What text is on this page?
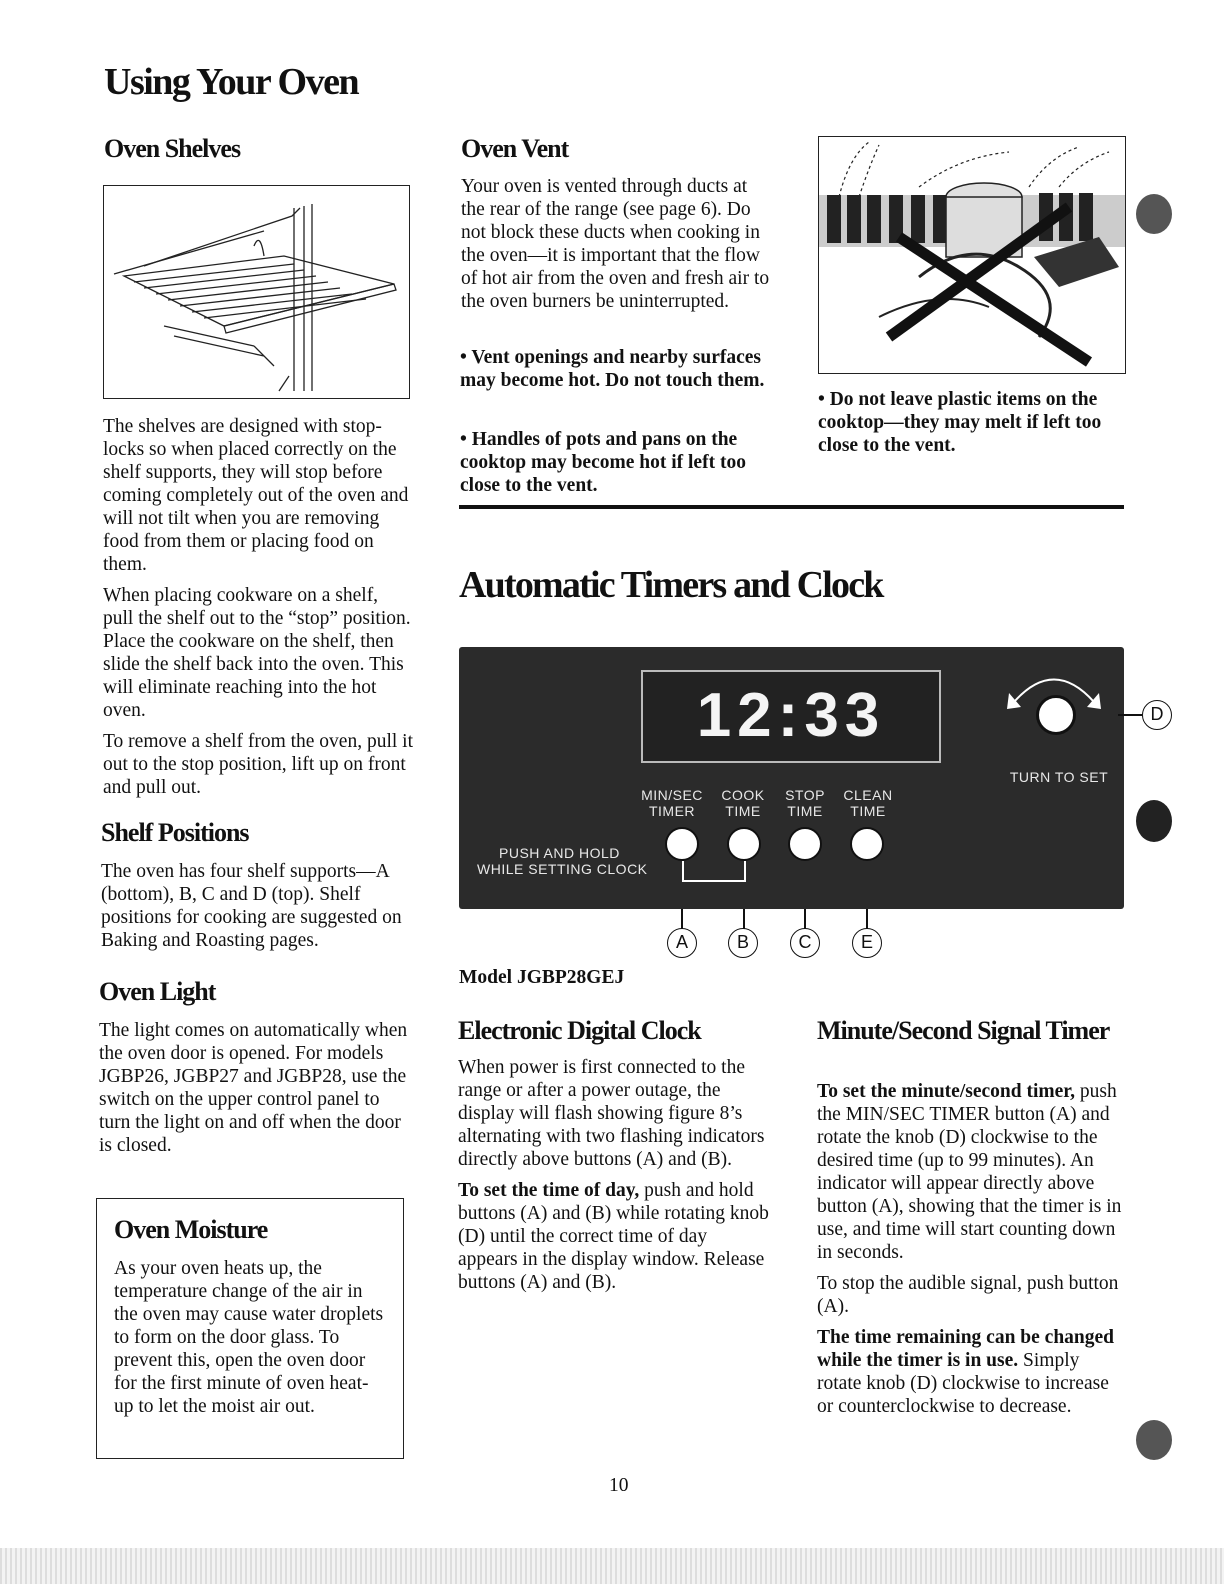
Using Your Oven
Oven Shelves

The shelves are designed with stop-locks so when placed correctly on the shelf supports, they will stop before coming completely out of the oven and will not tilt when you are removing food from them or placing food on them.

When placing cookware on a shelf, pull the shelf out to the “stop” position. Place the cookware on the shelf, then slide the shelf back into the oven. This will eliminate reaching into the hot oven.

To remove a shelf from the oven, pull it out to the stop position, lift up on front and pull out.

Shelf Positions

The oven has four shelf supports—A (bottom), B, C and D (top). Shelf positions for cooking are suggested on Baking and Roasting pages.

Oven Light

The light comes on automatically when the oven door is opened. For models JGBP26, JGBP27 and JGBP28, use the switch on the upper control panel to turn the light on and off when the door is closed.

Oven Moisture

As your oven heats up, the temperature change of the air in the oven may cause water droplets to form on the door glass. To prevent this, open the oven door for the first minute of oven heat-up to let the moist air out.

Oven Vent

Your oven is vented through ducts at the rear of the range (see page 6). Do not block these ducts when cooking in the oven—it is important that the flow of hot air from the oven and fresh air to the oven burners be uninterrupted.

• Vent openings and nearby surfaces may become hot. Do not touch them.

• Handles of pots and pans on the cooktop may become hot if left too close to the vent.

• Do not leave plastic items on the cooktop—they may melt if left too close to the vent.

Automatic Timers and Clock
12:33
TURN TO SET
MIN/SEC
TIMER
COOK
TIME
STOP
TIME
CLEAN
TIME
PUSH AND HOLD
WHILE SETTING CLOCK
A	B	C	E
D
Model JGBP28GEJ
Electronic Digital Clock

When power is first connected to the range or after a power outage, the display will flash showing figure 8’s alternating with two flashing indicators directly above buttons (A) and (B).

To set the time of day, push and hold buttons (A) and (B) while rotating knob (D) until the correct time of day appears in the display window. Release buttons (A) and (B).

Minute/Second Signal Timer

To set the minute/second timer, push the MIN/SEC TIMER button (A) and rotate the knob (D) clockwise to the desired time (up to 99 minutes). An indicator will appear directly above button (A), showing that the timer is in use, and time will start counting down in seconds.

To stop the audible signal, push button (A).

The time remaining can be changed while the timer is in use. Simply rotate knob (D) clockwise to increase or counterclockwise to decrease.

10
